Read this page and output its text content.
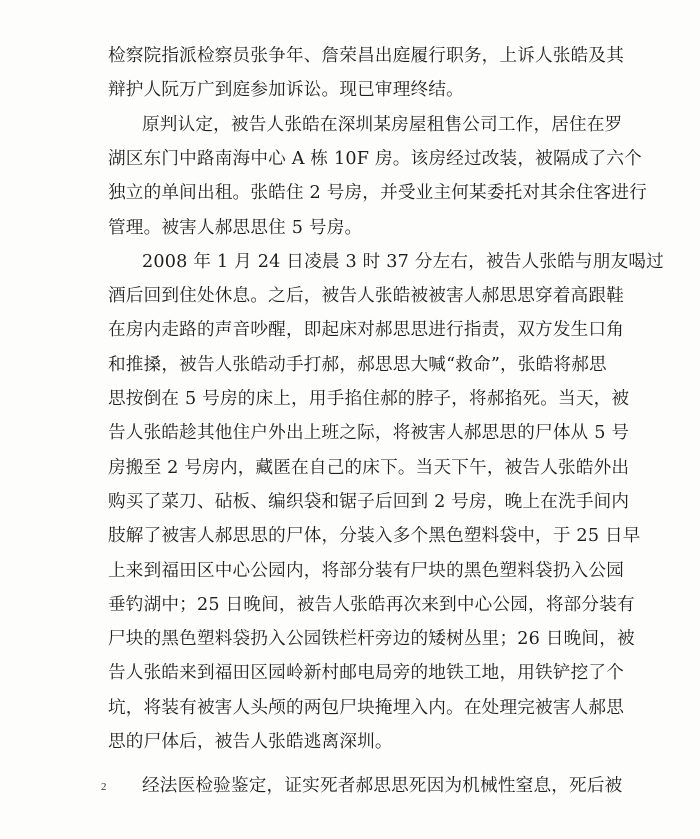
检察院指派检察员张争年、詹荣昌出庭履行职务，上诉人张皓及其
辩护人阮万广到庭参加诉讼。现已审理终结。
原判认定，被告人张皓在深圳某房屋租售公司工作，居住在罗
湖区东门中路南海中心 A 栋 10F 房。该房经过改装，被隔成了六个
独立的单间出租。张皓住 2 号房，并受业主何某委托对其余住客进行
管理。被害人郝思思住 5 号房。
2008 年 1 月 24 日凌晨 3 时 37 分左右，被告人张皓与朋友喝过
酒后回到住处休息。之后，被告人张皓被被害人郝思思穿着高跟鞋
在房内走路的声音吵醒，即起床对郝思思进行指责，双方发生口角
和推搡，被告人张皓动手打郝，郝思思大喊“救命”，张皓将郝思
思按倒在 5 号房的床上，用手掐住郝的脖子，将郝掐死。当天，被
告人张皓趁其他住户外出上班之际，将被害人郝思思的尸体从 5 号
房搬至 2 号房内，藏匿在自己的床下。当天下午，被告人张皓外出
购买了菜刀、砧板、编织袋和锯子后回到 2 号房，晚上在洗手间内
肢解了被害人郝思思的尸体，分装入多个黑色塑料袋中，于 25 日早
上来到福田区中心公园内，将部分装有尸块的黑色塑料袋扔入公园
垂钓湖中；25 日晚间，被告人张皓再次来到中心公园，将部分装有
尸块的黑色塑料袋扔入公园铁栏杆旁边的矮树丛里；26 日晚间，被
告人张皓来到福田区园岭新村邮电局旁的地铁工地，用铁铲挖了个
坑，将装有被害人头颅的两包尸块掩埋入内。在处理完被害人郝思
思的尸体后，被告人张皓逃离深圳。
经法医检验鉴定，证实死者郝思思死因为机械性窒息，死后被
2
